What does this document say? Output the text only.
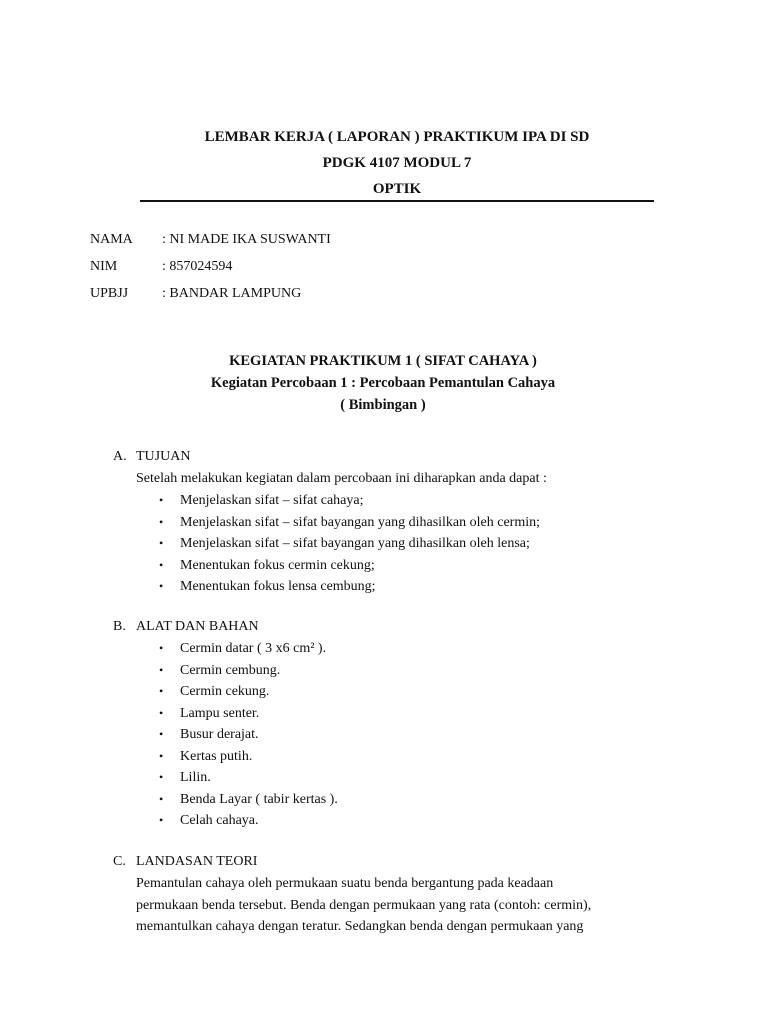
LEMBAR KERJA ( LAPORAN ) PRAKTIKUM IPA DI SD
PDGK 4107 MODUL 7
OPTIK
NAMA	: NI MADE IKA SUSWANTI
NIM	: 857024594
UPBJJ	: BANDAR LAMPUNG
KEGIATAN PRAKTIKUM 1 ( SIFAT CAHAYA )
Kegiatan Percobaan 1 : Percobaan Pemantulan Cahaya
( Bimbingan )
A. TUJUAN
Setelah melakukan kegiatan dalam percobaan ini diharapkan anda dapat :
• Menjelaskan sifat – sifat cahaya;
• Menjelaskan sifat – sifat bayangan yang dihasilkan oleh cermin;
• Menjelaskan sifat – sifat bayangan yang dihasilkan oleh lensa;
• Menentukan fokus cermin cekung;
• Menentukan fokus lensa cembung;
B. ALAT DAN BAHAN
• Cermin datar ( 3 x6 cm² ).
• Cermin cembung.
• Cermin cekung.
• Lampu senter.
• Busur derajat.
• Kertas putih.
• Lilin.
• Benda Layar ( tabir kertas ).
• Celah cahaya.
C. LANDASAN TEORI
Pemantulan cahaya oleh permukaan suatu benda bergantung pada keadaan
permukaan benda tersebut. Benda dengan permukaan yang rata (contoh: cermin),
memantulkan cahaya dengan teratur. Sedangkan benda dengan permukaan yang
